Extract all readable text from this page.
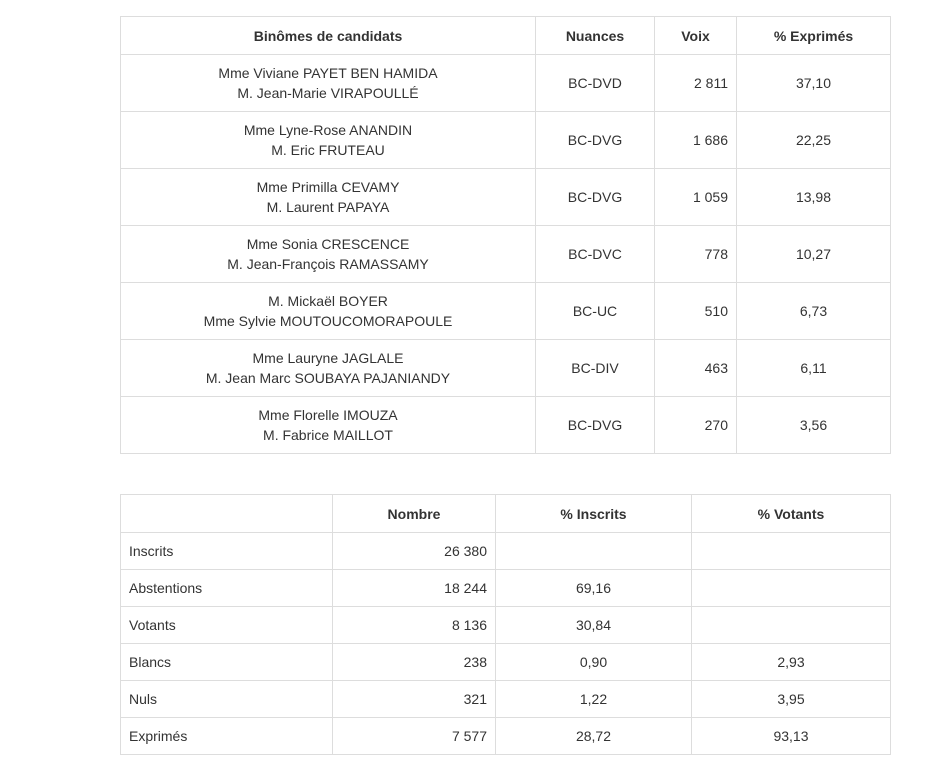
Binômes de candidats	Nuances	Voix	% Exprimés

Mme Viviane PAYET BEN HAMIDA
M. Jean-Marie VIRAPOULLÉ	BC-DVD	2 811	37,10

Mme Lyne-Rose ANANDIN
M. Eric FRUTEAU	BC-DVG	1 686	22,25

Mme Primilla CEVAMY
M. Laurent PAPAYA	BC-DVG	1 059	13,98

Mme Sonia CRESCENCE
M. Jean-François RAMASSAMY	BC-DVC	778	10,27

M. Mickaël BOYER
Mme Sylvie MOUTOUCOMORAPOULE	BC-UC	510	6,73

Mme Lauryne JAGLALE
M. Jean Marc SOUBAYA PAJANIANDY	BC-DIV	463	6,11

Mme Florelle IMOUZA
M. Fabrice MAILLOT	BC-DVG	270	3,56
	Nombre	% Inscrits	% Votants
Inscrits	26 380		
Abstentions	18 244	69,16	
Votants	8 136	30,84	
Blancs	238	0,90	2,93
Nuls	321	1,22	3,95
Exprimés	7 577	28,72	93,13
